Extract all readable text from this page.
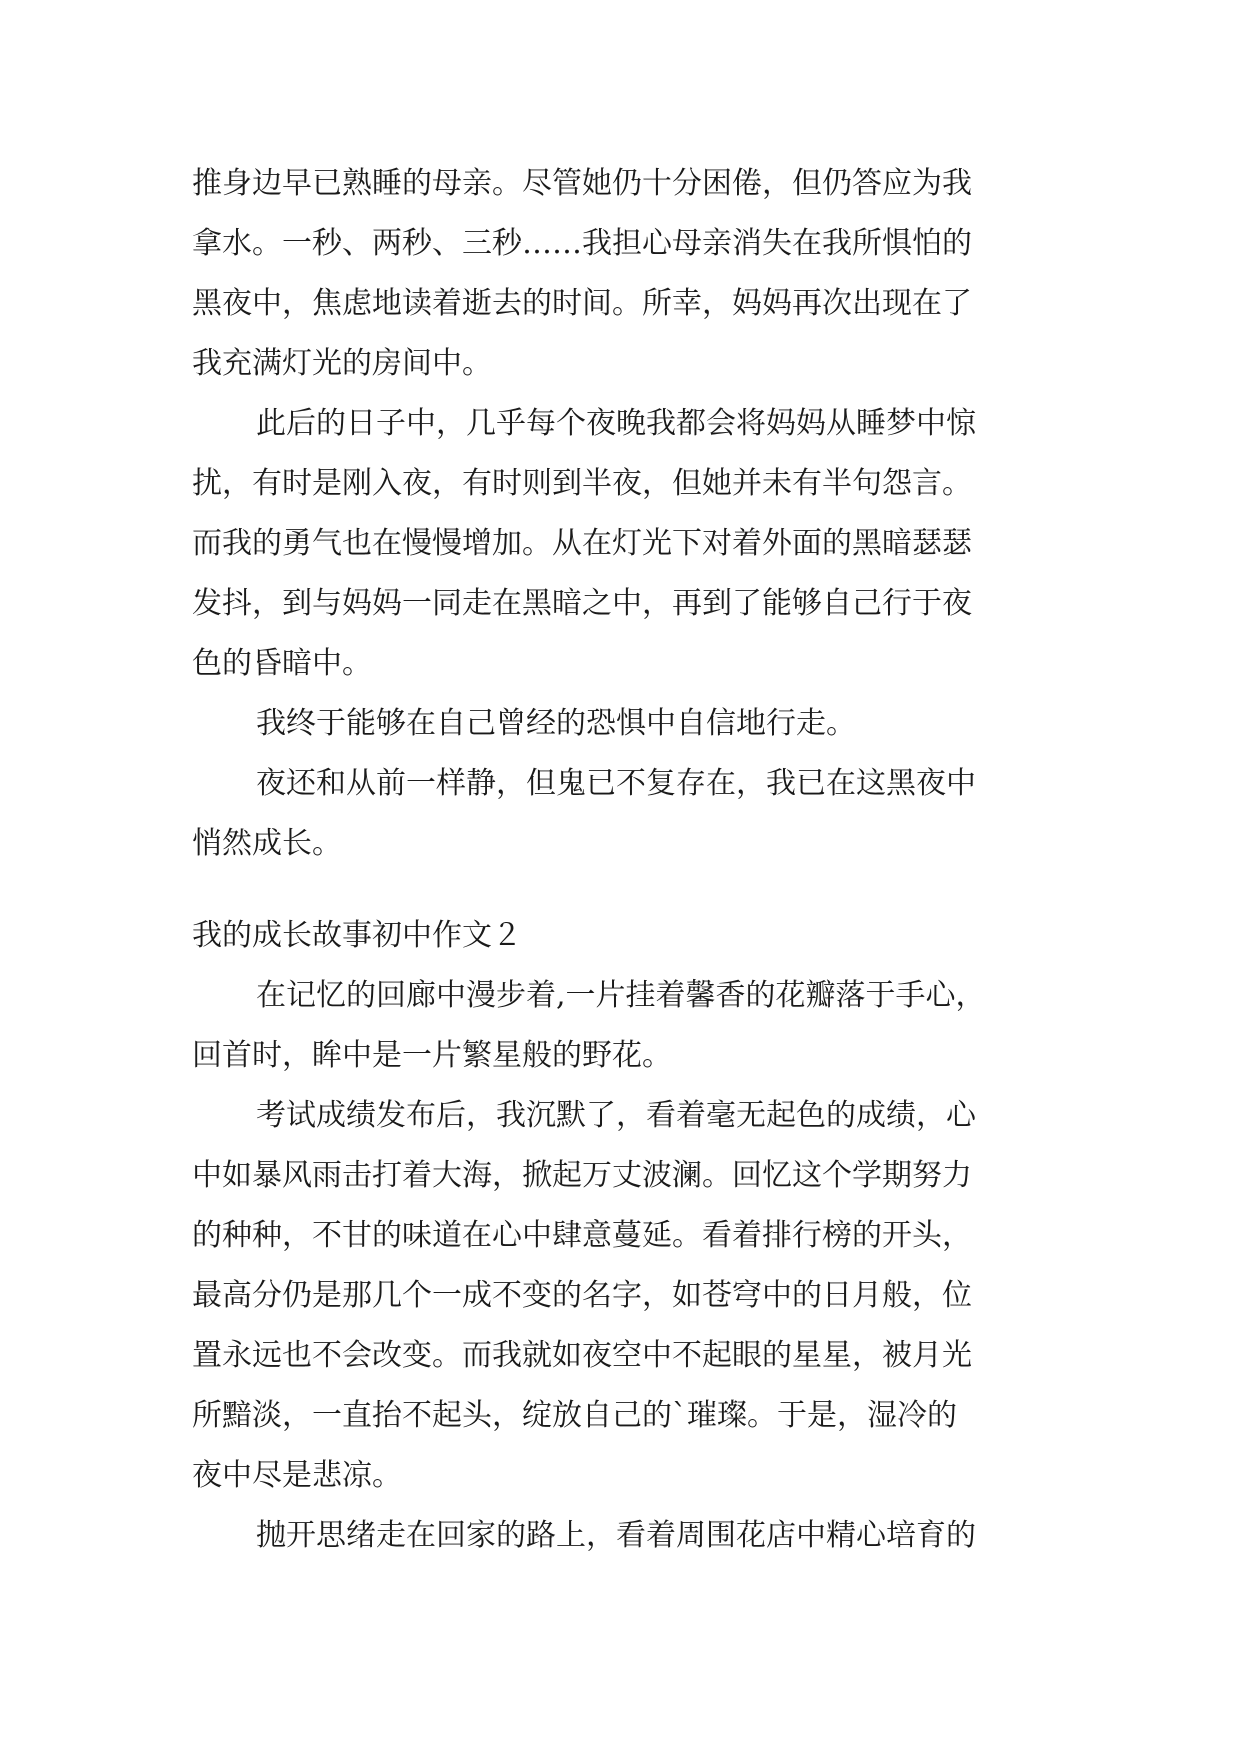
推身边早已熟睡的母亲。尽管她仍十分困倦，但仍答应为我
拿水。一秒、两秒、三秒……我担心母亲消失在我所惧怕的
黑夜中，焦虑地读着逝去的时间。所幸，妈妈再次出现在了
我充满灯光的房间中。
此后的日子中，几乎每个夜晚我都会将妈妈从睡梦中惊
扰，有时是刚入夜，有时则到半夜，但她并未有半句怨言。
而我的勇气也在慢慢增加。从在灯光下对着外面的黑暗瑟瑟
发抖，到与妈妈一同走在黑暗之中，再到了能够自己行于夜
色的昏暗中。
我终于能够在自己曾经的恐惧中自信地行走。
夜还和从前一样静，但鬼已不复存在，我已在这黑夜中
悄然成长。
我的成长故事初中作文２
在记忆的回廊中漫步着,一片挂着馨香的花瓣落于手心，
回首时，眸中是一片繁星般的野花。
考试成绩发布后，我沉默了，看着毫无起色的成绩，心
中如暴风雨击打着大海，掀起万丈波澜。回忆这个学期努力
的种种，不甘的味道在心中肆意蔓延。看着排行榜的开头，
最高分仍是那几个一成不变的名字，如苍穹中的日月般，位
置永远也不会改变。而我就如夜空中不起眼的星星，被月光
所黯淡，一直抬不起头，绽放自己的`璀璨。于是，湿冷的
夜中尽是悲凉。
抛开思绪走在回家的路上，看着周围花店中精心培育的
